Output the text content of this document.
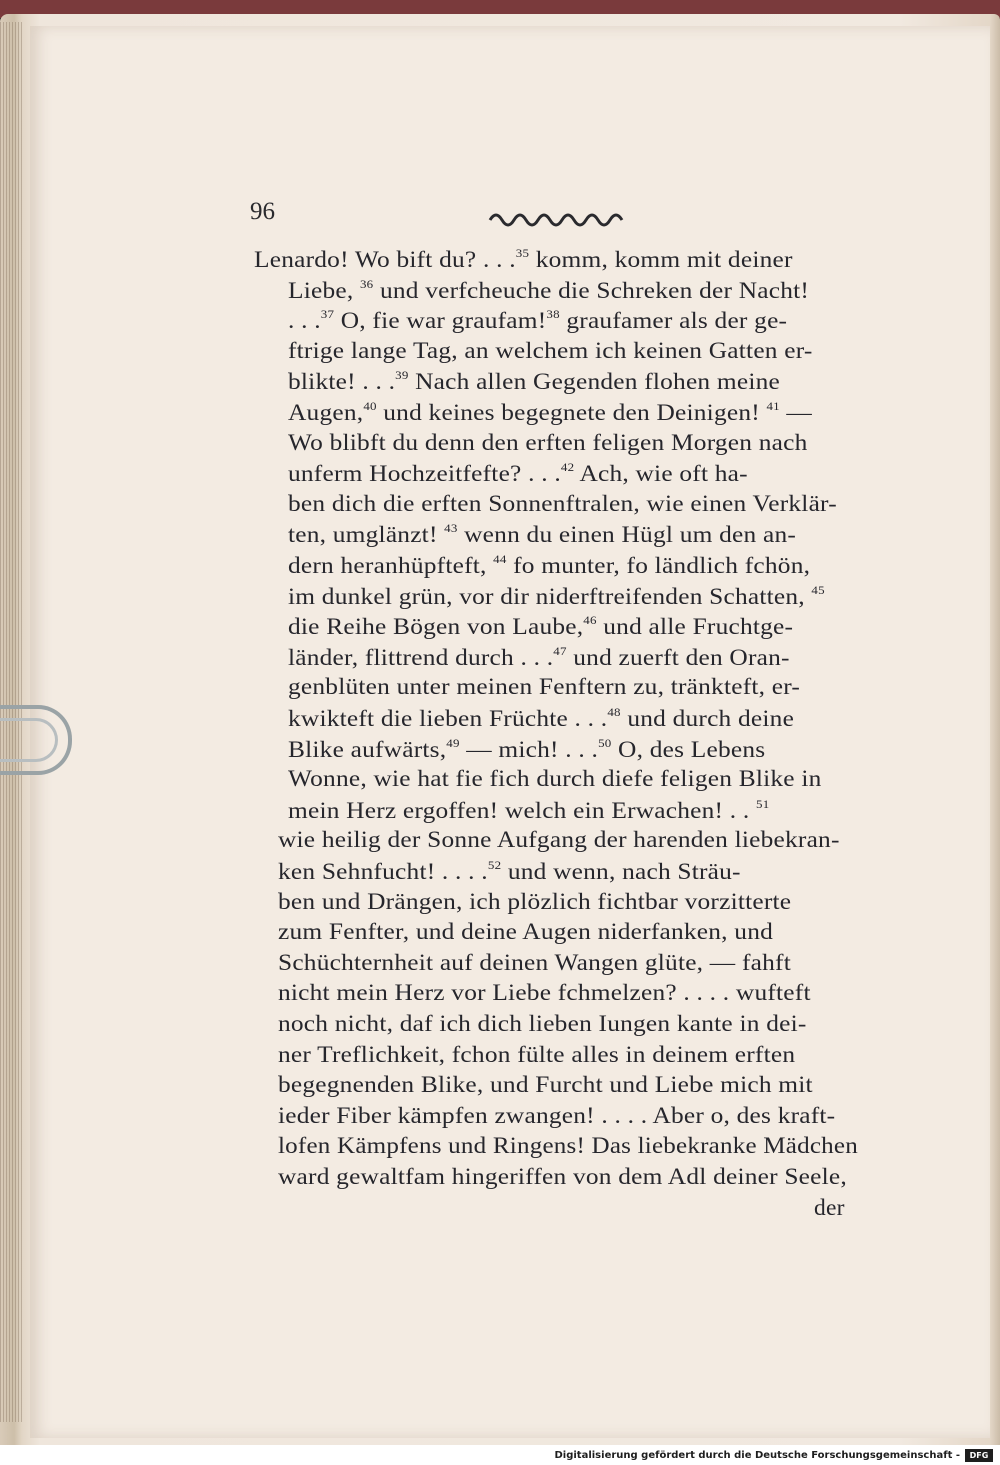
96
Lenardo! Wo bift du? . . .$^{35}$ komm, komm mit deiner
Liebe, $^{36}$ und verfcheuche die Schreken der Nacht!
. . .$^{37}$ O, fie war graufam!$^{38}$ graufamer als der ge-
ftrige lange Tag, an welchem ich keinen Gatten er-
blikte! . . .$^{39}$ Nach allen Gegenden flohen meine
Augen,$^{40}$ und keines begegnete den Deinigen! $^{41}$ —
Wo blibft du denn den erften feligen Morgen nach
unferm Hochzeitfefte? . . .$^{42}$ Ach, wie oft ha-
ben dich die erften Sonnenftralen, wie einen Verklär-
ten, umglänzt! $^{43}$ wenn du einen Hügl um den an-
dern heranhüpfteft, $^{44}$ fo munter, fo ländlich fchön,
im dunkel grün, vor dir niderftreifenden Schatten, $^{45}$
die Reihe Bögen von Laube,$^{46}$ und alle Fruchtge-
länder, flittrend durch . . .$^{47}$ und zuerft den Oran-
genblüten unter meinen Fenftern zu, tränkteft, er-
kwikteft die lieben Früchte . . .$^{48}$ und durch deine
Blike aufwärts,$^{49}$ — mich! . . .$^{50}$ O, des Lebens
Wonne, wie hat fie fich durch diefe feligen Blike in
mein Herz ergoffen! welch ein Erwachen! . . $^{51}$
wie heilig der Sonne Aufgang der harenden liebekran-
ken Sehnfucht! . . . .$^{52}$ und wenn, nach Sträu-
ben und Drängen, ich plözlich fichtbar vorzitterte
zum Fenfter, und deine Augen niderfanken, und
Schüchternheit auf deinen Wangen glüte, — fahft
nicht mein Herz vor Liebe fchmelzen? . . . . wufteft
noch nicht, daf ich dich lieben Iungen kante in dei-
ner Treflichkeit, fchon fülte alles in deinem erften
begegnenden Blike, und Furcht und Liebe mich mit
ieder Fiber kämpfen zwangen! . . . . Aber o, des kraft-
lofen Kämpfens und Ringens! Das liebekranke Mädchen
ward gewaltfam hingeriffen von dem Adl deiner Seele,
der
Digitalisierung gefördert durch die Deutsche Forschungsgemeinschaft -	DFG
